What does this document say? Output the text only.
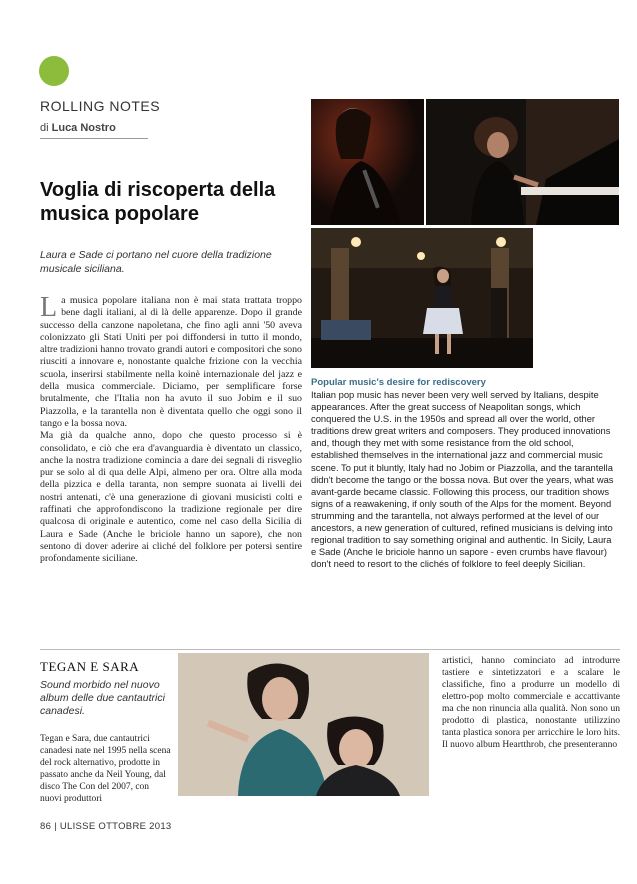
ROLLING NOTES
di Luca Nostro
Voglia di riscoperta della musica popolare
Laura e Sade ci portano nel cuore della tradizione musicale siciliana.
L a musica popolare italiana non è mai stata trattata troppo bene dagli italiani, al di là delle apparenze. Dopo il grande successo della canzone napoletana, che fino agli anni '50 aveva colonizzato gli Stati Uniti per poi diffondersi in tutto il mondo, altre tradizioni hanno trovato grandi autori e compositori che sono riusciti a innovare e, nonostante qualche frizione con la vecchia scuola, inserirsi stabilmente nella koinè internazionale del jazz e della musica commerciale. Diciamo, per semplificare forse brutalmente, che l'Italia non ha avuto il suo Jobim e il suo Piazzolla, e la tarantella non è diventata quello che oggi sono il tango e la bossa nova.

Ma già da qualche anno, dopo che questo processo si è consolidato, e ciò che era d'avanguardia è diventato un classico, anche la nostra tradizione comincia a dare dei segnali di risveglio pur se solo al di qua delle Alpi, almeno per ora. Oltre alla moda della pizzica e della taranta, non sempre suonata ai livelli dei nostri antenati, c'è una generazione di giovani musicisti colti e raffinati che approfondiscono la tradizione regionale per dire qualcosa di originale e autentico, come nel caso della Sicilia di Laura e Sade (Anche le briciole hanno un sapore), che non sentono di dover aderire ai cliché del folklore per potersi sentire profondamente siciliane.

Popular music's desire for rediscovery
Italian pop music has never been very well served by Italians, despite appearances. After the great success of Neapolitan songs, which conquered the U.S. in the 1950s and spread all over the world, other traditions drew great writers and composers. They produced innovations and, though they met with some resistance from the old school, established themselves in the international jazz and commercial music scene. To put it bluntly, Italy had no Jobim or Piazzolla, and the tarantella didn't become the tango or the bossa nova. But over the years, what was avant-garde became classic. Following this process, our tradition shows signs of a reawakening, if only south of the Alps for the moment. Beyond strumming and the tarantella, not always performed at the level of our ancestors, a new generation of cultured, refined musicians is delving into regional tradition to say something original and authentic. In Sicily, Laura e Sade (Anche le briciole hanno un sapore - even crumbs have flavour) don't need to resort to the clichés of folklore to feel deeply Sicilian.
TEGAN E SARA
Sound morbido nel nuovo album delle due cantautrici canadesi.
Tegan e Sara, due cantautrici canadesi nate nel 1995 nella scena del rock alternativo, prodotte in passato anche da Neil Young, dal disco The Con del 2007, con nuovi produttori
artistici, hanno cominciato ad introdurre tastiere e sintetizzatori e a scalare le classifiche, fino a produrre un modello di elettro-pop molto commerciale e accattivante ma che non rinuncia alla qualità. Non sono un prodotto di plastica, nonostante utilizzino tanta plastica sonora per arricchire le loro hits. Il nuovo album Heartthrob, che presenteranno
86 | ULISSE OTTOBRE 2013
